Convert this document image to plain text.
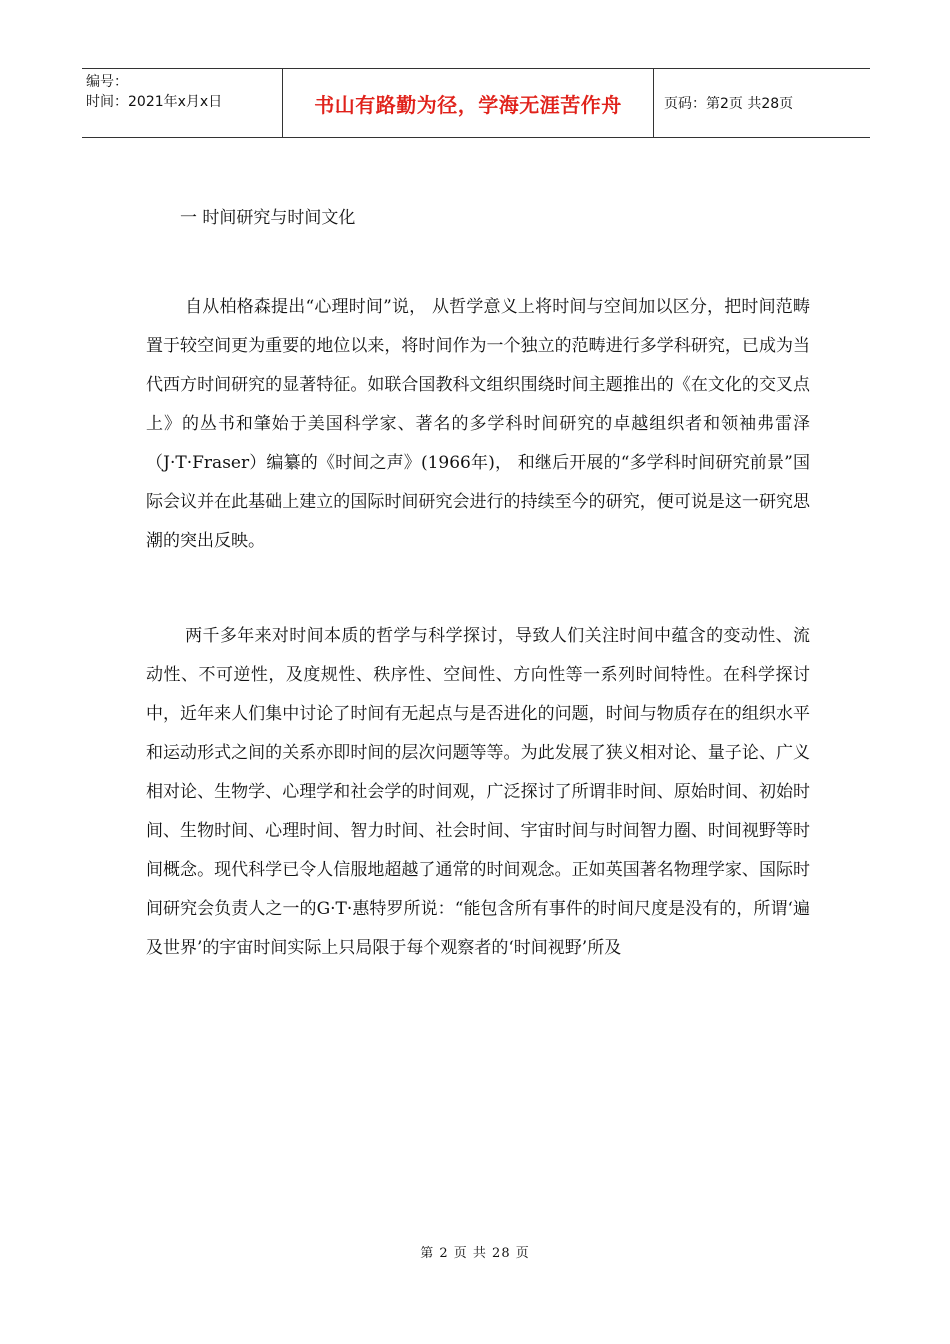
编号：
时间：2021年x月x日	书山有路勤为径，学海无涯苦作舟	页码：第2页 共28页
一 时间研究与时间文化

自从柏格森提出“心理时间”说， 从哲学意义上将时间与空间加以区分，把时间范畴置于较空间更为重要的地位以来，将时间作为一个独立的范畴进行多学科研究，已成为当代西方时间研究的显著特征。如联合国教科文组织围绕时间主题推出的《在文化的交叉点上》的丛书和肇始于美国科学家、著名的多学科时间研究的卓越组织者和领袖弗雷泽（J·T·Fraser）编纂的《时间之声》(1966年)， 和继后开展的“多学科时间研究前景”国际会议并在此基础上建立的国际时间研究会进行的持续至今的研究，便可说是这一研究思潮的突出反映。

两千多年来对时间本质的哲学与科学探讨，导致人们关注时间中蕴含的变动性、流动性、不可逆性，及度规性、秩序性、空间性、方向性等一系列时间特性。在科学探讨中，近年来人们集中讨论了时间有无起点与是否进化的问题，时间与物质存在的组织水平和运动形式之间的关系亦即时间的层次问题等等。为此发展了狭义相对论、量子论、广义相对论、生物学、心理学和社会学的时间观，广泛探讨了所谓非时间、原始时间、初始时间、生物时间、心理时间、智力时间、社会时间、宇宙时间与时间智力圈、时间视野等时间概念。现代科学已令人信服地超越了通常的时间观念。正如英国著名物理学家、国际时间研究会负责人之一的G·T·惠特罗所说：“能包含所有事件的时间尺度是没有的，所谓‘遍及世界’的宇宙时间实际上只局限于每个观察者的‘时间视野’所及

第 2 页 共 28 页
